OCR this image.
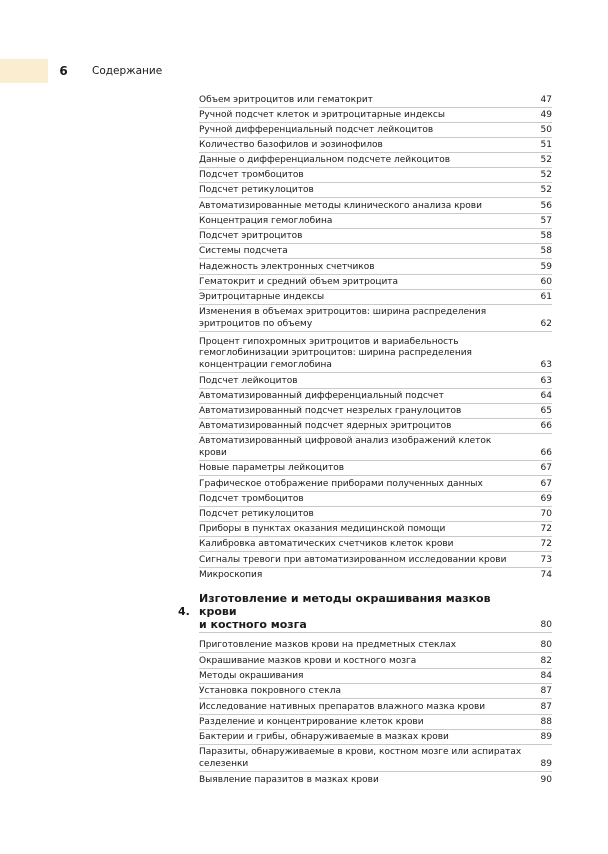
6	Содержание
4.
Объем эритроцитов или гематокрит	47
Ручной подсчет клеток и эритроцитарные индексы	49
Ручной дифференциальный подсчет лейкоцитов	50
Количество базофилов и эозинофилов	51
Данные о дифференциальном подсчете лейкоцитов	52
Подсчет тромбоцитов	52
Подсчет ретикулоцитов	52
Автоматизированные методы клинического анализа крови	56
Концентрация гемоглобина	57
Подсчет эритроцитов	58
Системы подсчета	58
Надежность электронных счетчиков	59
Гематокрит и средний объем эритроцита	60
Эритроцитарные индексы	61
Изменения в объемах эритроцитов: ширина распределения
эритроцитов по объему	62
Процент гипохромных эритроцитов и вариабельность
гемоглобинизации эритроцитов: ширина распределения
концентрации гемоглобина	63
Подсчет лейкоцитов	63
Автоматизированный дифференциальный подсчет	64
Автоматизированный подсчет незрелых гранулоцитов	65
Автоматизированный подсчет ядерных эритроцитов	66
Автоматизированный цифровой анализ изображений клеток
крови	66
Новые параметры лейкоцитов	67
Графическое отображение приборами полученных данных	67
Подсчет тромбоцитов	69
Подсчет ретикулоцитов	70
Приборы в пунктах оказания медицинской помощи	72
Калибровка автоматических счетчиков клеток крови	72
Сигналы тревоги при автоматизированном исследовании крови	73
Микроскопия	74
Изготовление и методы окрашивания мазков крови
и костного мозга	80
Приготовление мазков крови на предметных стеклах	80
Окрашивание мазков крови и костного мозга	82
Методы окрашивания	84
Установка покровного стекла	87
Исследование нативных препаратов влажного мазка крови	87
Разделение и концентрирование клеток крови	88
Бактерии и грибы, обнаруживаемые в мазках крови	89
Паразиты, обнаруживаемые в крови, костном мозге или аспиратах
селезенки	89
Выявление паразитов в мазках крови	90
